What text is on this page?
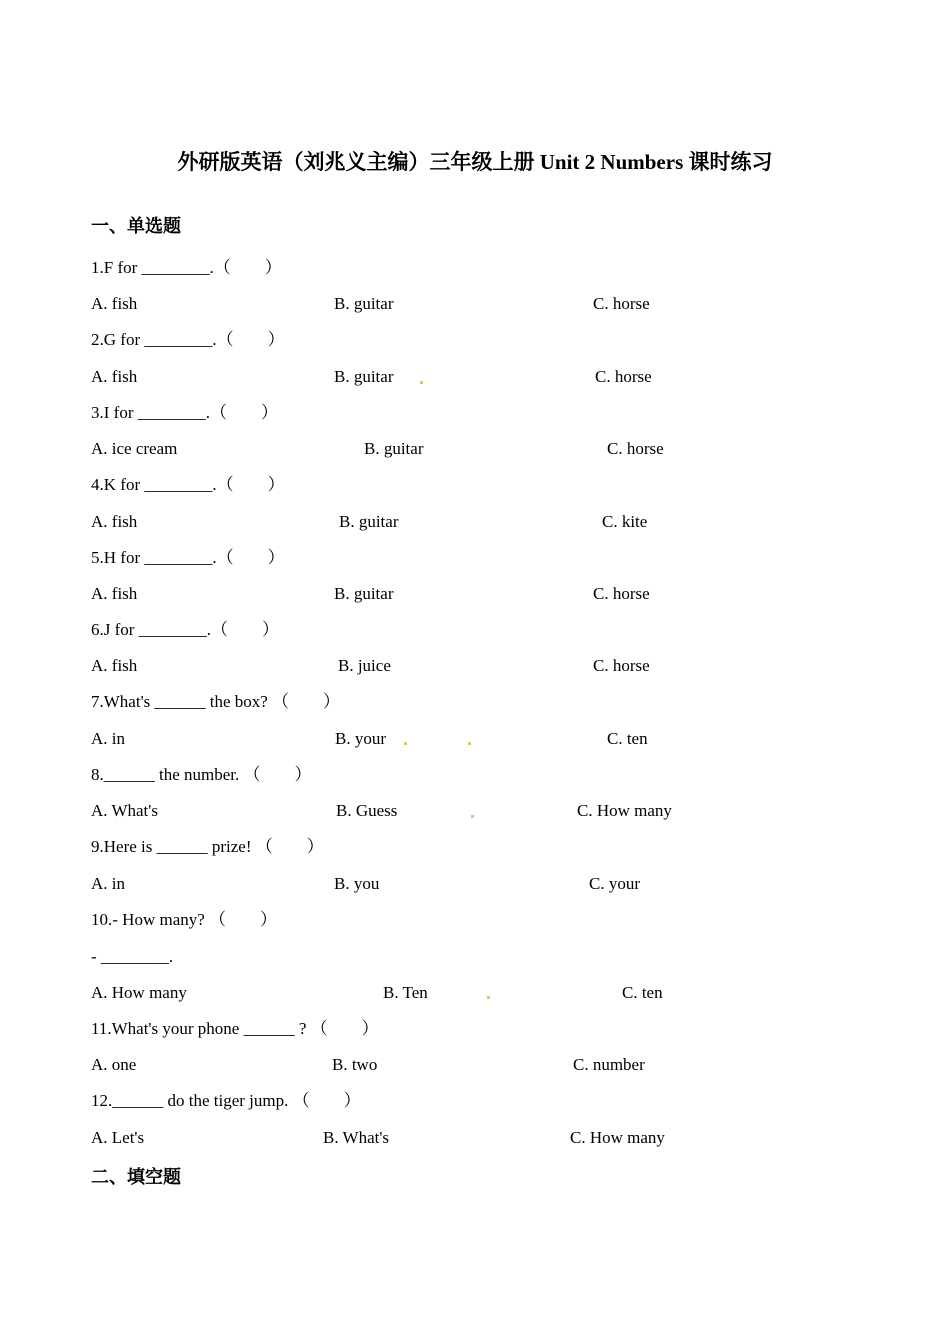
外研版英语（刘兆义主编）三年级上册 Unit 2 Numbers 课时练习
一、单选题
1.F for ________.（　　）
A. fish	B. guitar	C. horse
2.G for ________.（　　）
A. fish	B. guitar	C. horse
3.I for ________.（　　）
A. ice cream	B. guitar	C. horse
4.K for ________.（　　）
A. fish	B. guitar	C. kite
5.H for ________.（　　）
A. fish	B. guitar	C. horse
6.J for ________.（　　）
A. fish	B. juice	C. horse
7.What's ______ the box? （　　）
A. in	B. your	C. ten
8.______ the number. （　　）
A. What's	B. Guess	C. How many
9.Here is ______ prize! （　　）
A. in	B. you	C. your
10.- How many? （　　）
- ________.
A. How many	B. Ten	C. ten
11.What's your phone ______ ? （　　）
A. one	B. two	C. number
12.______ do the tiger jump. （　　）
A. Let's	B. What's	C. How many
二、填空题
